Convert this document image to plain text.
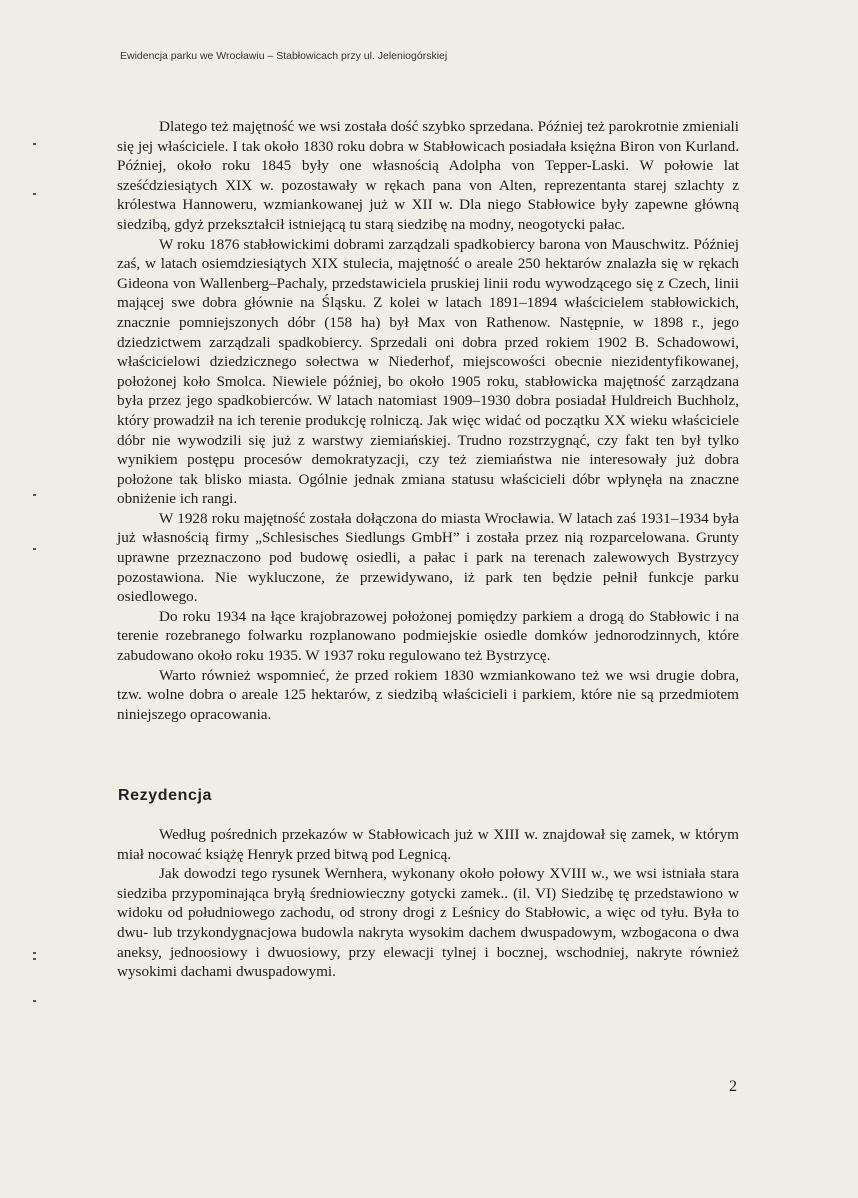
Ewidencja parku we Wrocławiu – Stabłowicach przy ul. Jeleniogórskiej

Dlatego też majętność we wsi została dość szybko sprzedana. Później też parokrotnie zmieniali się jej właściciele. I tak około 1830 roku dobra w Stabłowicach posiadała księżna Biron von Kurland. Później, około roku 1845 były one własnością Adolpha von Tepper-Laski. W połowie lat sześćdziesiątych XIX w. pozostawały w rękach pana von Alten, reprezentanta starej szlachty z królestwa Hannoweru, wzmiankowanej już w XII w. Dla niego Stabłowice były zapewne główną siedzibą, gdyż przekształcił istniejącą tu starą siedzibę na modny, neogotycki pałac.

W roku 1876 stabłowickimi dobrami zarządzali spadkobiercy barona von Mauschwitz. Później zaś, w latach osiemdziesiątych XIX stulecia, majętność o areale 250 hektarów znalazła się w rękach Gideona von Wallenberg–Pachaly, przedstawiciela pruskiej linii rodu wywodzącego się z Czech, linii mającej swe dobra głównie na Śląsku. Z kolei w latach 1891–1894 właścicielem stabłowickich, znacznie pomniejszonych dóbr (158 ha) był Max von Rathenow. Następnie, w 1898 r., jego dziedzictwem zarządzali spadkobiercy. Sprzedali oni dobra przed rokiem 1902 B. Schadowowi, właścicielowi dziedzicznego sołectwa w Niederhof, miejscowości obecnie niezidentyfikowanej, położonej koło Smolca. Niewiele później, bo około 1905 roku, stabłowicka majętność zarządzana była przez jego spadkobierców. W latach natomiast 1909–1930 dobra posiadał Huldreich Buchholz, który prowadził na ich terenie produkcję rolniczą. Jak więc widać od początku XX wieku właściciele dóbr nie wywodzili się już z warstwy ziemiańskiej. Trudno rozstrzygnąć, czy fakt ten był tylko wynikiem postępu procesów demokratyzacji, czy też ziemiaństwa nie interesowały już dobra położone tak blisko miasta. Ogólnie jednak zmiana statusu właścicieli dóbr wpłynęła na znaczne obniżenie ich rangi.

W 1928 roku majętność została dołączona do miasta Wrocławia. W latach zaś 1931–1934 była już własnością firmy „Schlesisches Siedlungs GmbH” i została przez nią rozparcelowana. Grunty uprawne przeznaczono pod budowę osiedli, a pałac i park na terenach zalewowych Bystrzycy pozostawiona. Nie wykluczone, że przewidywano, iż park ten będzie pełnił funkcje parku osiedlowego.

Do roku 1934 na łące krajobrazowej położonej pomiędzy parkiem a drogą do Stabłowic i na terenie rozebranego folwarku rozplanowano podmiejskie osiedle domków jednorodzinnych, które zabudowano około roku 1935. W 1937 roku regulowano też Bystrzycę.

Warto również wspomnieć, że przed rokiem 1830 wzmiankowano też we wsi drugie dobra, tzw. wolne dobra o areale 125 hektarów, z siedzibą właścicieli i parkiem, które nie są przedmiotem niniejszego opracowania.

Rezydencja

Według pośrednich przekazów w Stabłowicach już w XIII w. znajdował się zamek, w którym miał nocować książę Henryk przed bitwą pod Legnicą.

Jak dowodzi tego rysunek Wernhera, wykonany około połowy XVIII w., we wsi istniała stara siedziba przypominająca bryłą średniowieczny gotycki zamek.. (il. VI) Siedzibę tę przedstawiono w widoku od południowego zachodu, od strony drogi z Leśnicy do Stabłowic, a więc od tyłu. Była to dwu- lub trzykondygnacjowa budowla nakryta wysokim dachem dwuspadowym, wzbogacona o dwa aneksy, jednoosiowy i dwuosiowy, przy elewacji tylnej i bocznej, wschodniej, nakryte również wysokimi dachami dwuspadowymi.

2
